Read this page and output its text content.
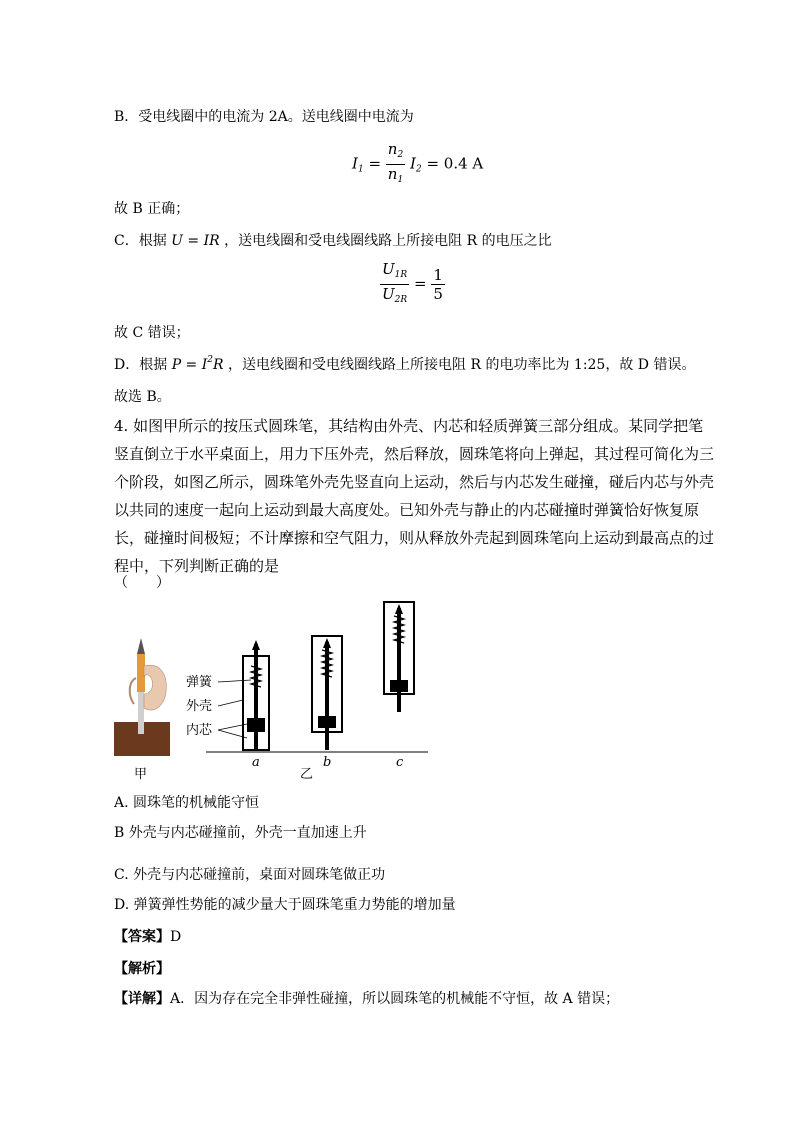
B．受电线圈中的电流为 2A。送电线圈中电流为
$I_1 = \frac{n_2}{n_1} I_2 = 0.4$ A
故 B 正确；
C．根据 U = IR ，送电线圈和受电线圈线路上所接电阻 R 的电压之比
$\frac{U_{1R}}{U_{2R}} = \frac{1}{5}$
故 C 错误；
D．根据 $P = I^2R$ ，送电线圈和受电线圈线路上所接电阻 R 的电功率比为 1:25，故 D 错误。
故选 B。
4. 如图甲所示的按压式圆珠笔，其结构由外壳、内芯和轻质弹簧三部分组成。某同学把笔竖直倒立于水平桌面上，用力下压外壳，然后释放，圆珠笔将向上弹起，其过程可简化为三个阶段，如图乙所示，圆珠笔外壳先竖直向上运动，然后与内芯发生碰撞，碰后内芯与外壳以共同的速度一起向上运动到最大高度处。已知外壳与静止的内芯碰撞时弹簧恰好恢复原长，碰撞时间极短；不计摩擦和空气阻力，则从释放外壳起到圆珠笔向上运动到最高点的过程中，下列判断正确的是
（　　）
弹簧
外壳
内芯
a	b	c
甲	乙
A. 圆珠笔的机械能守恒
B 外壳与内芯碰撞前，外壳一直加速上升
C. 外壳与内芯碰撞前，桌面对圆珠笔做正功
D. 弹簧弹性势能的减少量大于圆珠笔重力势能的增加量
【答案】D
【解析】
【详解】A．因为存在完全非弹性碰撞，所以圆珠笔的机械能不守恒，故 A 错误；
